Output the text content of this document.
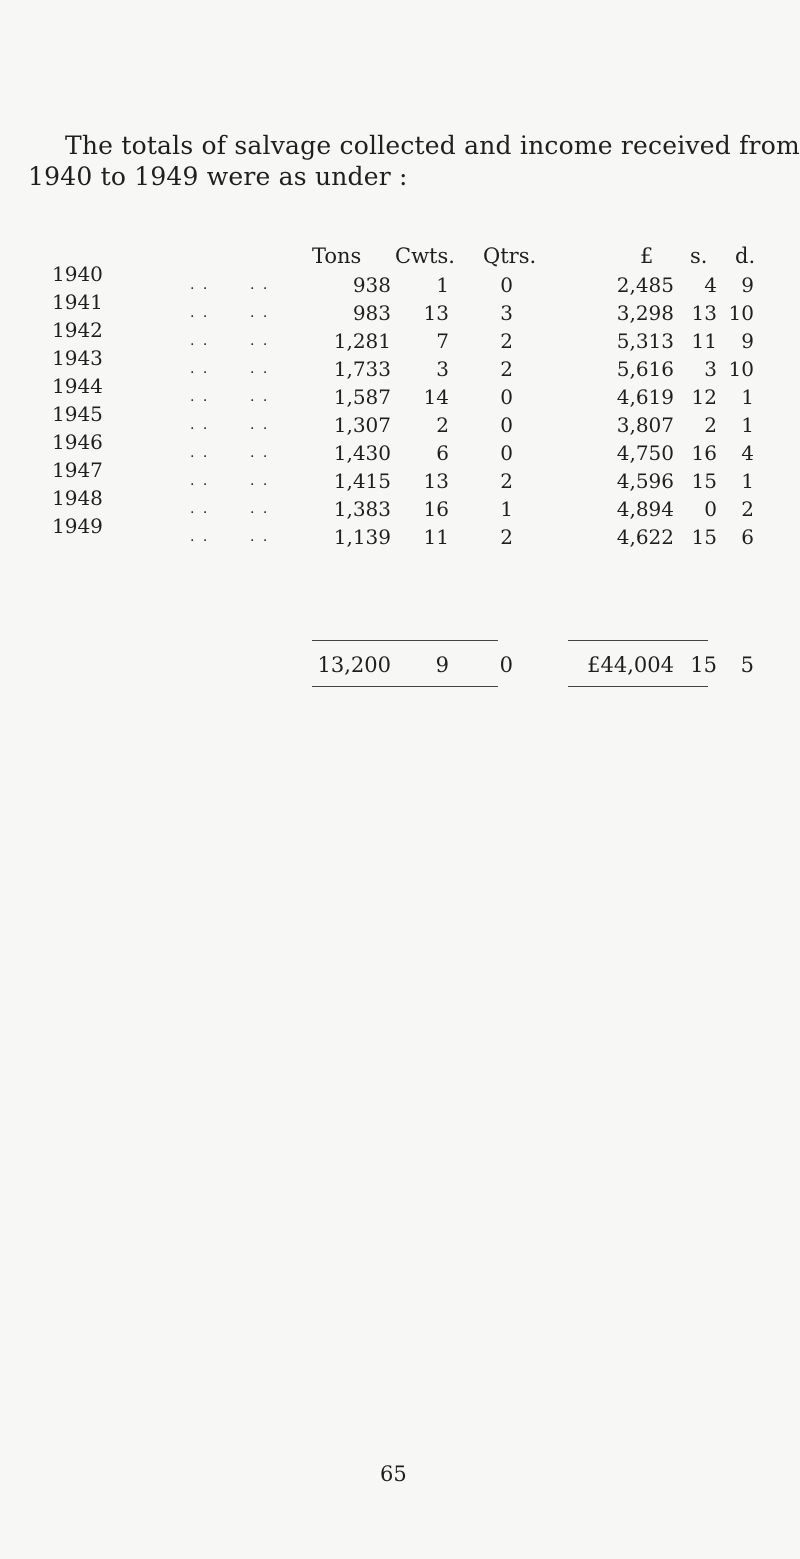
The totals of salvage collected and income received from
1940 to 1949 were as under :
Tons Cwts. Qtrs.	£ s. d.
1940	. .	. .	938 1	0	2,485 4 9
1941	. .	. .	983 13	3	3,298 13 10
1942	. .	. .	1,281 7	2	5,313 11 9
1943	. .	. .	1,733 3	2	5,616 3 10
1944	. .	. .	1,587 14	0	4,619 12 1
1945	. .	. .	1,307 2	0	3,807 2 1
1946	. .	. .	1,430 6	0	4,750 16 4
1947	. .	. .	1,415 13	2	4,596 15 1
1948	. .	. .	1,383 16	1	4,894 0 2
1949	. .	. .	1,139 11	2	4,622 15 6
13,200 9 0	£44,004 15 5
65
